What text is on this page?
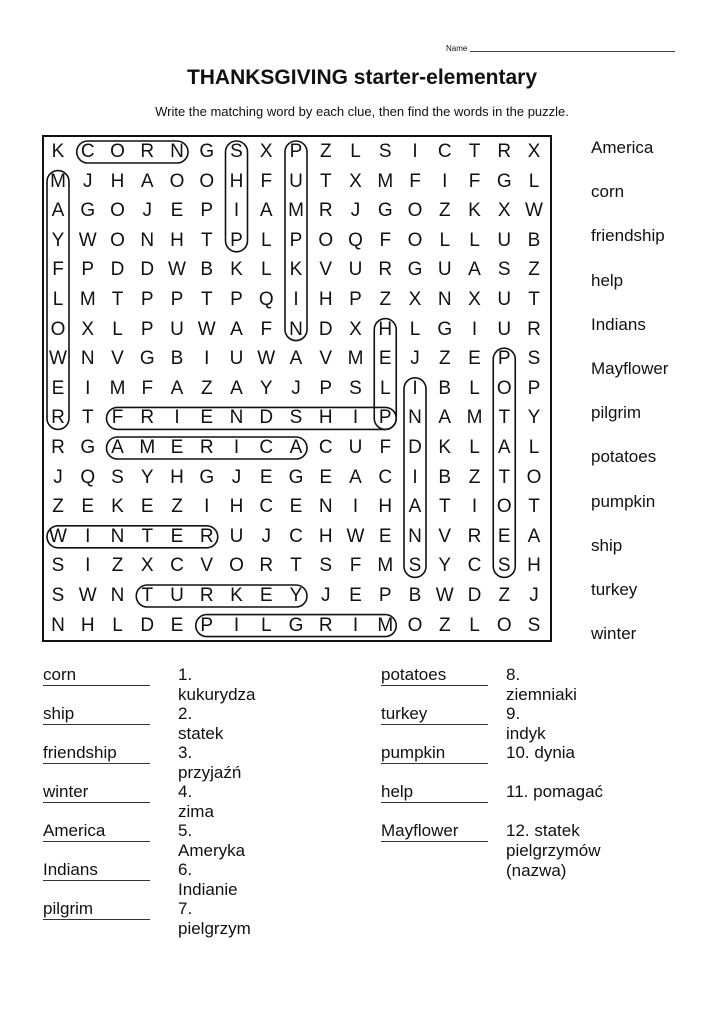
Name
THANKSGIVING starter-elementary
Write the matching word by each clue, then find the words in the puzzle.
K C O R N G S X P Z L S	I	C T R X
M J H A O O H F U T X M F	I	F G L
A G O J E P	I	A M R J G O Z K X W
Y W O N H T P L P O Q F O L	L U B
F P D D W B K L K V U R G U A S Z
L M T P P T P Q	I	H P Z X N X U T
O X L P U W A F N D X H L G	I	U R
W N V G B	I	U W A V M E J	Z E P S
E	I	M F A Z A Y J P S L	I	B L O P
R T F R	I	E N D S H	I	P N A M T Y
R G A M E R	I	C A C U F D K L A L
J Q S Y H G J E G E A C	I	B Z T O
Z E K E Z	I	H C E N	I	H A T	I	O T
W I	N T E R U J C H W E N V R E A
S	I	Z X C V O R T S F M S Y C S H
S W N T U R K E Y J E P B W D Z	J
N H L D E P	I	L G R	I	M O Z L O S
America
corn
friendship
help
Indians
Mayflower
pilgrim
potatoes
pumpkin
ship
turkey
winter
corn	1. kukurydza
ship	2. statek
friendship	3. przyjaźń
winter	4. zima
America	5. Ameryka
Indians	6. Indianie
pilgrim	7. pielgrzym
potatoes	8. ziemniaki
turkey	9. indyk
pumpkin	10. dynia
help	11. pomagać
Mayflower	12. statek pielgrzymów (nazwa)
